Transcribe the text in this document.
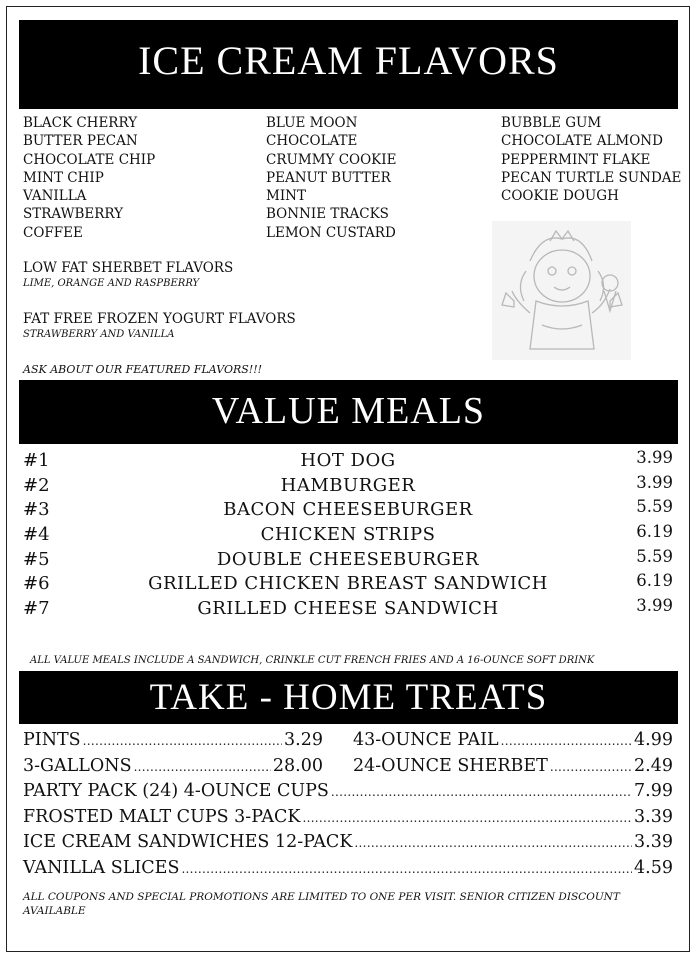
ICE CREAM FLAVORS
BLACK CHERRY
BUTTER PECAN
CHOCOLATE CHIP
MINT CHIP
VANILLA
STRAWBERRY
COFFEE
BLUE MOON
CHOCOLATE
CRUMMY COOKIE
PEANUT BUTTER
MINT
BONNIE TRACKS
LEMON CUSTARD
BUBBLE GUM
CHOCOLATE ALMOND
PEPPERMINT FLAKE
PECAN TURTLE SUNDAE
COOKIE DOUGH
LOW FAT SHERBET FLAVORS
LIME, ORANGE AND RASPBERRY
FAT FREE FROZEN YOGURT FLAVORS
STRAWBERRY AND VANILLA
ASK ABOUT OUR FEATURED FLAVORS!!!
VALUE MEALS
#1	HOT DOG	3.99
#2	HAMBURGER	3.99
#3	BACON CHEESEBURGER	5.59
#4	CHICKEN STRIPS	6.19
#5	DOUBLE CHEESEBURGER	5.59
#6	GRILLED CHICKEN BREAST SANDWICH	6.19
#7	GRILLED CHEESE SANDWICH	3.99
ALL VALUE MEALS INCLUDE A SANDWICH, CRINKLE CUT FRENCH FRIES AND A 16-OUNCE SOFT DRINK
TAKE - HOME TREATS
PINTS .....	3.29 43-OUNCE PAIL .....	4.99
3-GALLONS .....	28.00 24-OUNCE SHERBET .....	2.49
PARTY PACK (24) 4-OUNCE CUPS .....	7.99
FROSTED MALT CUPS 3-PACK .....	3.39
ICE CREAM SANDWICHES 12-PACK .....	3.39
VANILLA SLICES .....	4.59
ALL COUPONS AND SPECIAL PROMOTIONS ARE LIMITED TO ONE PER VISIT. SENIOR CITIZEN DISCOUNT AVAILABLE
